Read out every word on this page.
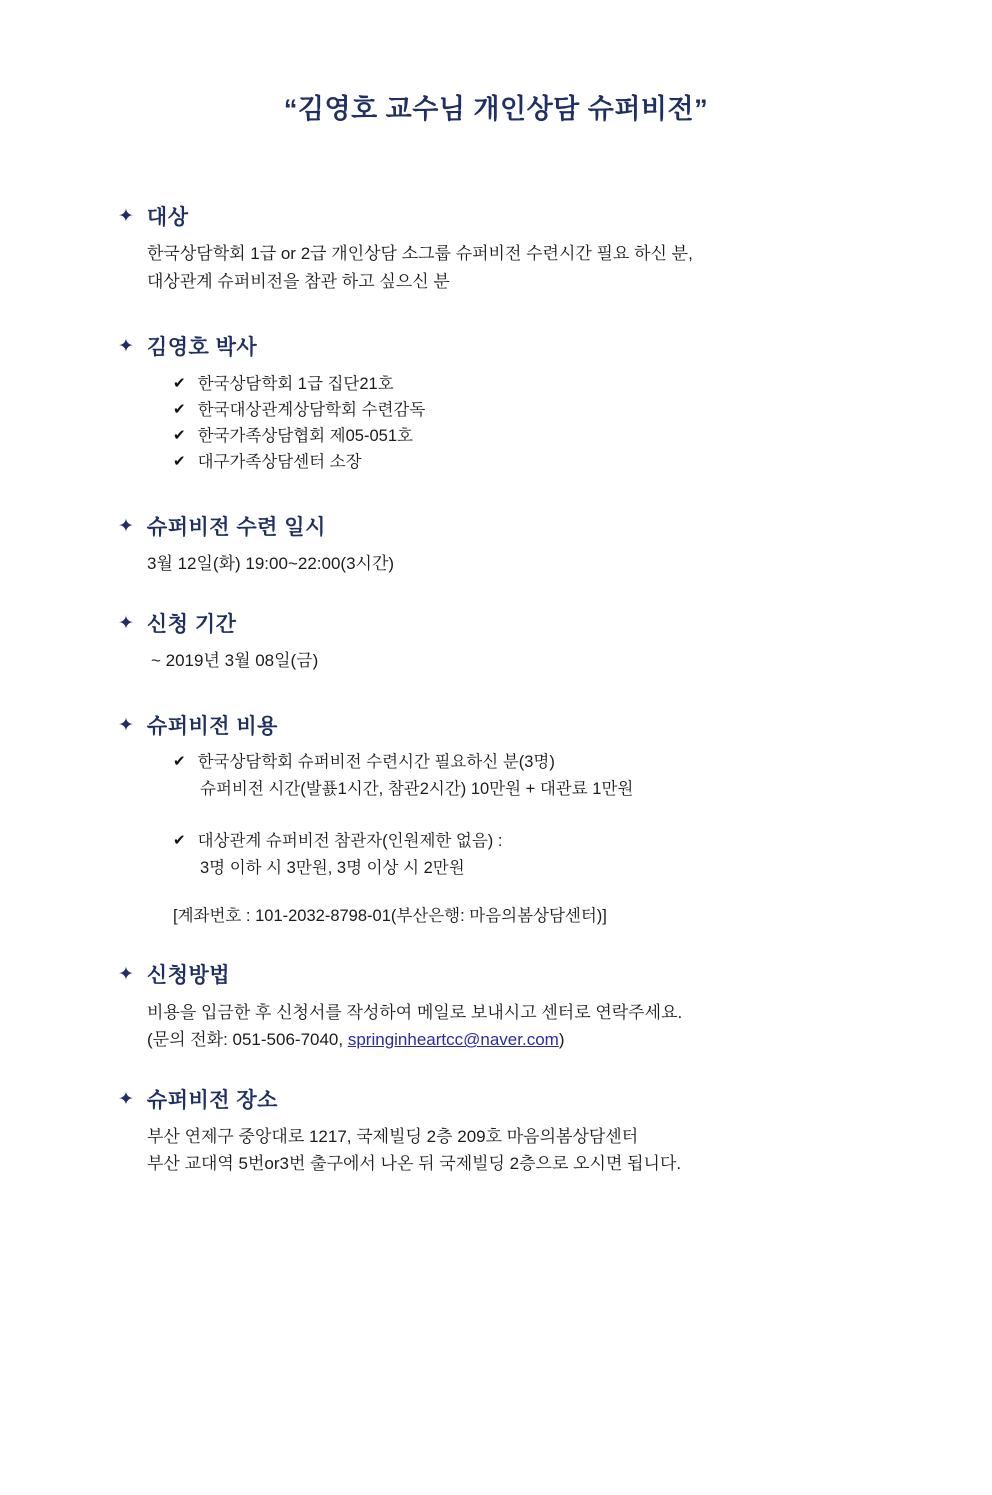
“김영호 교수님 개인상담 슈퍼비전”
✦ 대상
한국상담학회 1급 or 2급 개인상담 소그룹 슈퍼비전 수련시간 필요 하신 분,
대상관계 슈퍼비전을 참관 하고 싶으신 분
✦ 김영호 박사
✔ 한국상담학회 1급 집단21호
✔ 한국대상관계상담학회 수련감독
✔ 한국가족상담협회 제05-051호
✔ 대구가족상담센터 소장
✦ 슈퍼비전 수련 일시
3월 12일(화) 19:00~22:00(3시간)
✦ 신청 기간
~ 2019년 3월 08일(금)
✦ 슈퍼비전 비용
✔ 한국상담학회 슈퍼비전 수련시간 필요하신 분(3명)
슈퍼비전 시간(발푨1시간, 참관2시간) 10만원 + 대관료 1만원
✔ 대상관계 슈퍼비전 참관자(인원제한 없음) :
3명 이하 시 3만원, 3명 이상 시 2만원
[계좌번호 : 101-2032-8798-01(부산은행: 마음의봄상담센터)]
✦ 신청방법
비용을 입금한 후 신청서를 작성하여 메일로 보내시고 센터로 연락주세요.
(문의 전화: 051-506-7040, springinheartcc@naver.com)
✦ 슈퍼비전 장소
부산 연제구 중앙대로 1217, 국제빌딩 2층 209호 마음의봄상담센터
부산 교대역 5번or3번 출구에서 나온 뒤 국제빌딩 2층으로 오시면 됩니다.
